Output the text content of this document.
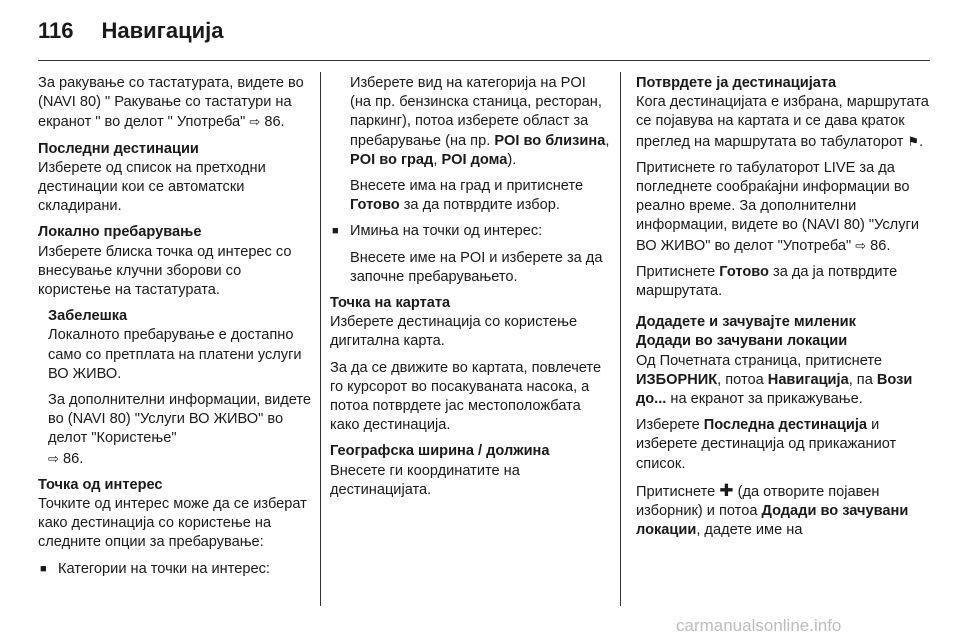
116 Навигација

За ракување со тастатурата, видете во (NAVI 80) " Ракување со тастатури на екранот " во делот " Употреба" ⇨ 86.

Последни дестинации

Изберете од список на претходни дестинации кои се автоматски складирани.

Локално пребарување

Изберете блиска точка од интерес со внесување клучни зборови со користење на тастатурата.

Забелешка

Локалното пребарување е достапно само со претплата на платени услуги ВО ЖИВО.

За дополнителни информации, видете во (NAVI 80) "Услуги ВО ЖИВО" во делот "Користење"
⇨ 86.

Точка од интерес

Точките од интерес може да се изберат како дестинација со користење на следните опции за пребарување:

■ Категории на точки на интерес:

Изберете вид на категорија на POI (на пр. бензинска станица, ресторан, паркинг), потоа изберете област за пребарување (на пр. POI во близина, POI во град, POI дома).

Внесете има на град и притиснете Готово за да потврдите избор.

■ Имиња на точки од интерес:

Внесете име на POI и изберете за да започне пребарувањето.

Точка на картата

Изберете дестинација со користење дигитална карта.

За да се движите во картата, повлечете го курсорот во посакуваната насока, а потоа потврдете јас местоположбата како дестинација.

Географска ширина / должина

Внесете ги координатите на дестинацијата.

Потврдете ја дестинацијата

Кога дестинацијата е избрана, маршрутата се појавува на картата и се дава краток преглед на маршрутата во табулаторот ⚑.

Притиснете го табулаторот LIVE за да погледнете сообраќајни информации во реално време. За дополнителни информации, видете во (NAVI 80) "Услуги ВО ЖИВО" во делот "Употреба" ⇨ 86.

Притиснете Готово за да ја потврдите маршрутата.

Додадете и зачувајте миленик

Додади во зачувани локации

Од Почетната страница, притиснете ИЗБОРНИК, потоа Навигација, па Вози до... на екранот за прикажување.

Изберете Последна дестинација и изберете дестинација од прикажаниот список.

Притиснете ✚ (да отворите појавен изборник) и потоа Додади во зачувани локации, дадете име на

carmanualsonline.info
